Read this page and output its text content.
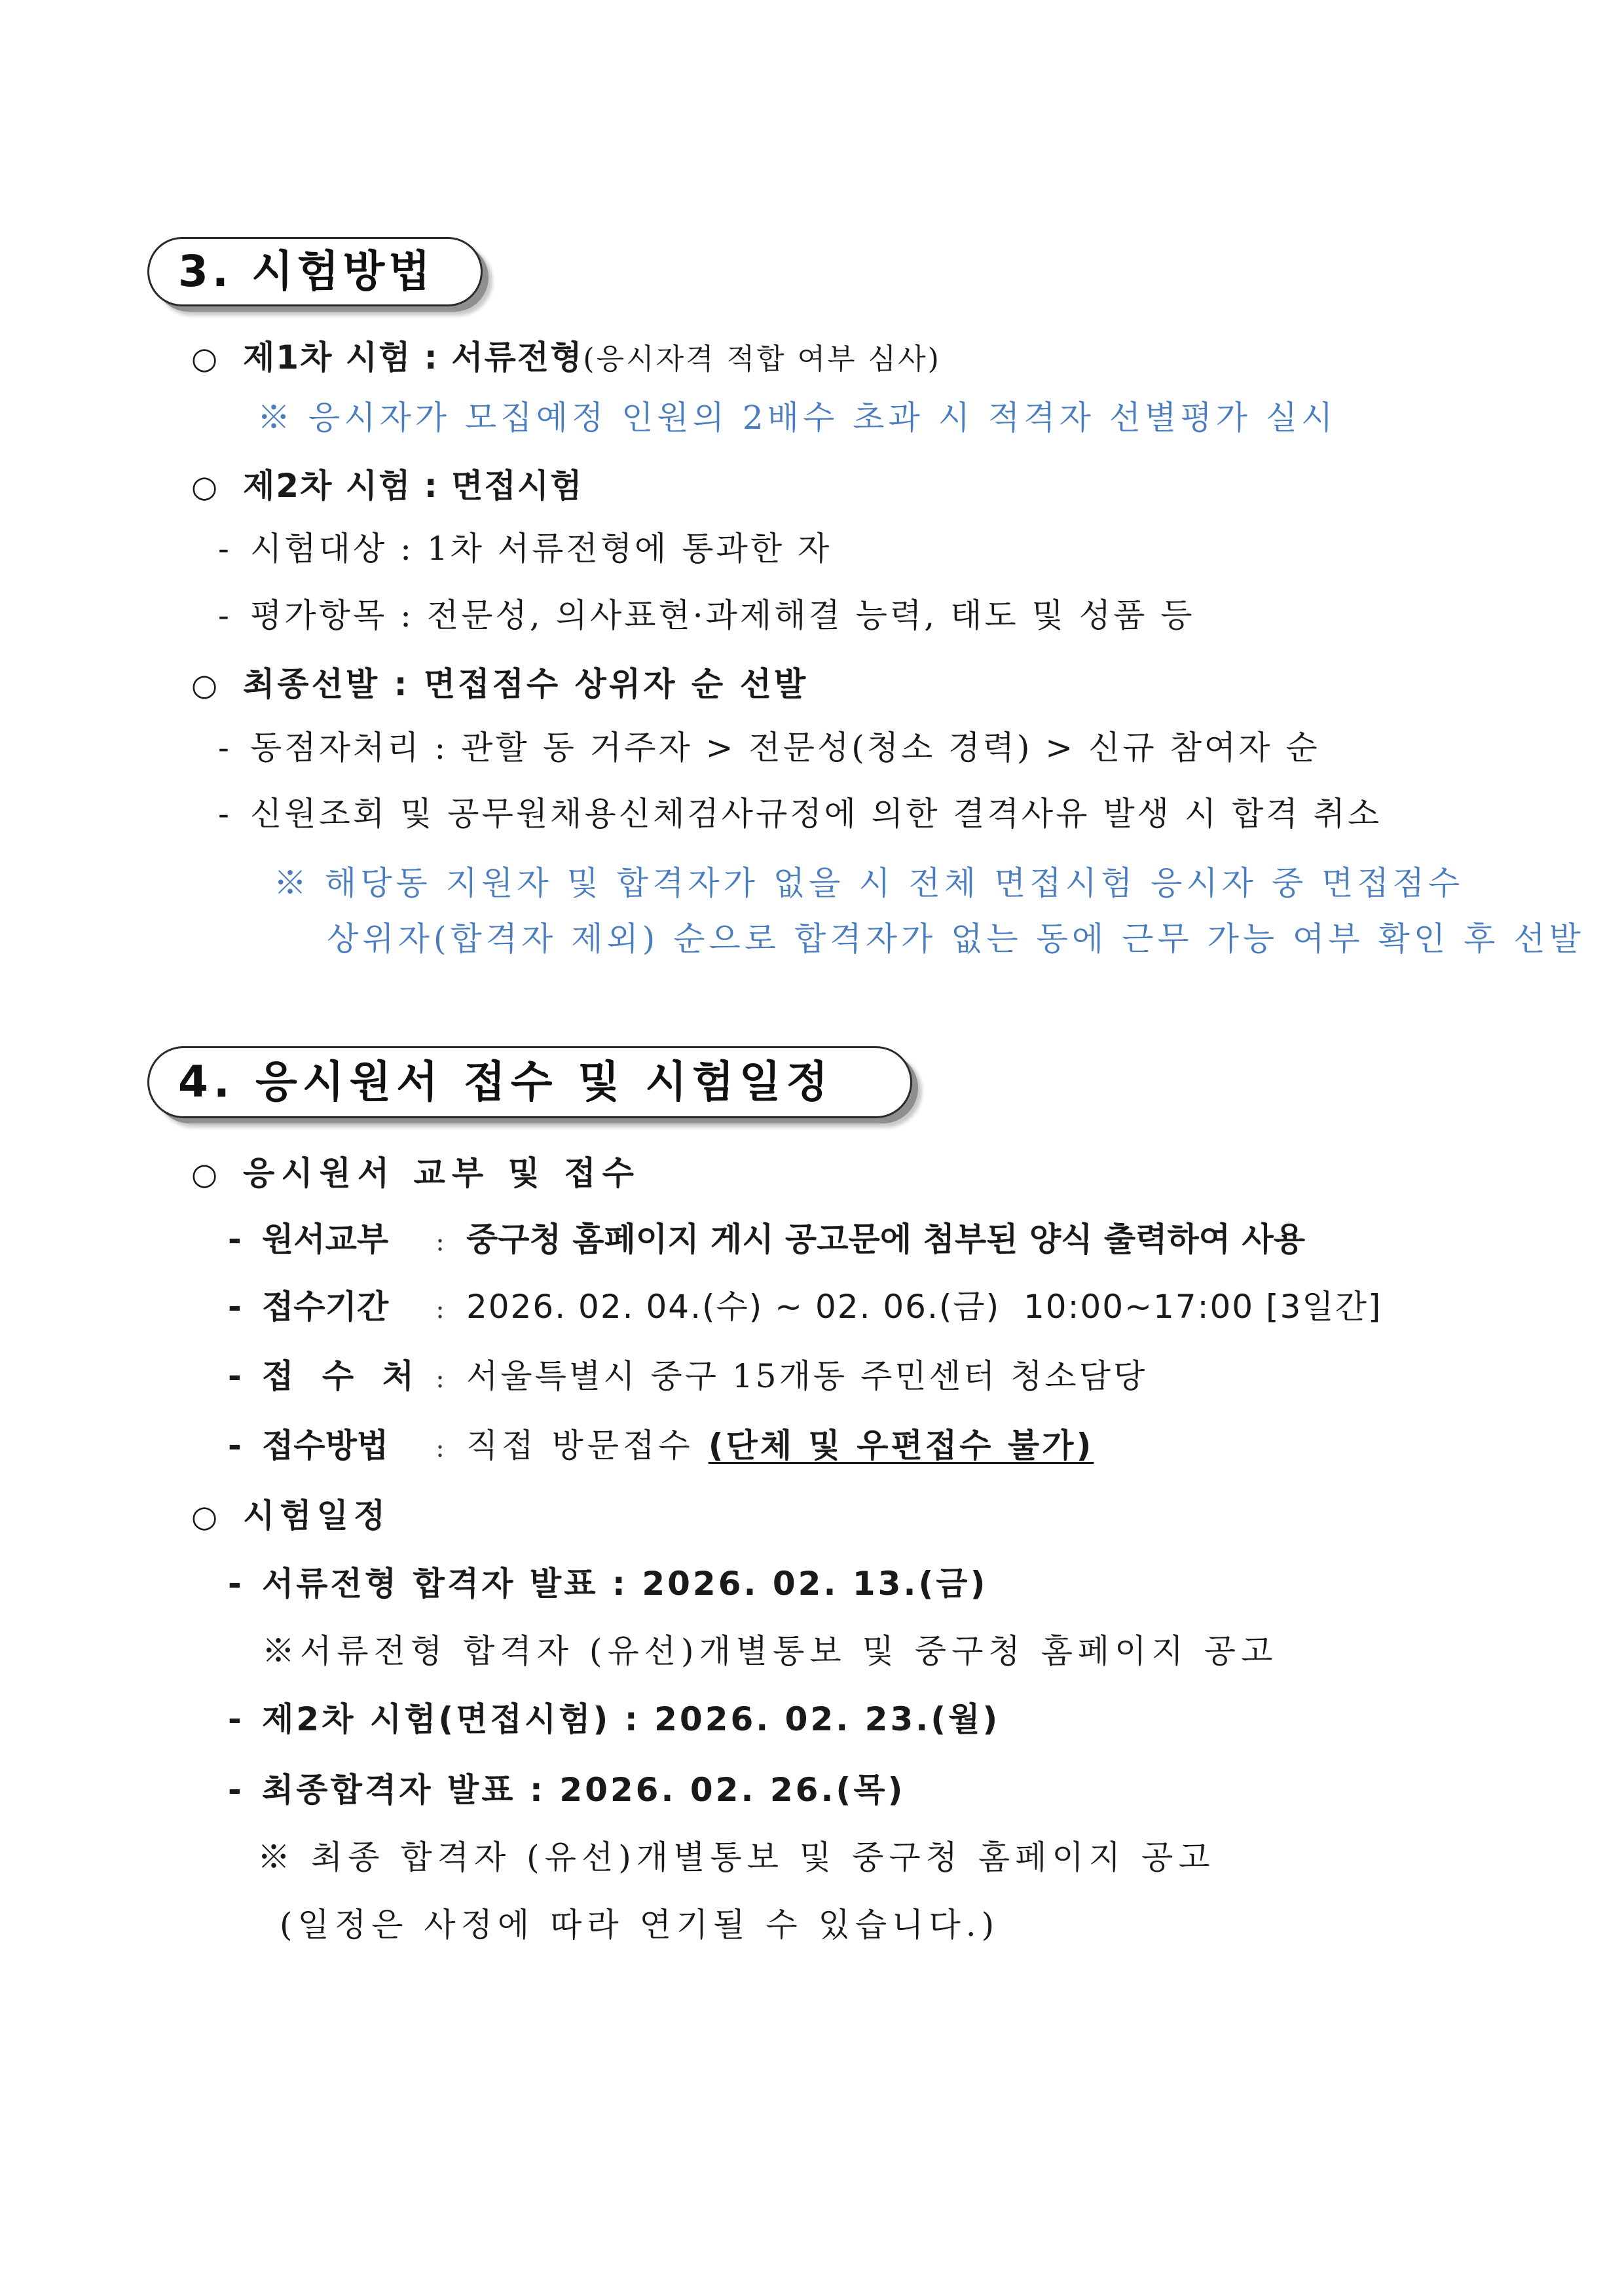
3. 시험방법
○ 제1차 시험 : 서류전형 (응시자격 적합 여부 심사)
※ 응시자가 모집예정 인원의 2배수 초과 시 적격자 선별평가 실시
○ 제2차 시험 : 면접시험
- 시험대상 : 1차 서류전형에 통과한 자
- 평가항목 : 전문성, 의사표현·과제해결 능력, 태도 및 성품 등
○ 최종선발 : 면접점수 상위자 순 선발
- 동점자처리 : 관할 동 거주자 > 전문성(청소 경력) > 신규 참여자 순
- 신원조회 및 공무원채용신체검사규정에 의한 결격사유 발생 시 합격 취소
※ 해당동 지원자 및 합격자가 없을 시 전체 면접시험 응시자 중 면접점수
상위자(합격자 제외) 순으로 합격자가 없는 동에 근무 가능 여부 확인 후 선발
4. 응시원서 접수 및 시험일정
○ 응시원서 교부 및 접수
- 원서교부	: 중구청 홈페이지 게시 공고문에 첨부된 양식 출력하여 사용
- 접수기간	: 2026. 02. 04.(수) ~ 02. 06.(금)  10:00~17:00 [3일간]
- 접 수 처 : 서울특별시 중구 15개동 주민센터 청소담당
- 접수방법	: 직접 방문접수 (단체 및 우편접수 불가)
○ 시험일정
- 서류전형 합격자 발표 : 2026. 02. 13.(금)
※서류전형 합격자 (유선)개별통보 및 중구청 홈페이지 공고
- 제2차 시험(면접시험) : 2026. 02. 23.(월)
- 최종합격자 발표 : 2026. 02. 26.(목)
※ 최종 합격자 (유선)개별통보 및 중구청 홈페이지 공고
(일정은 사정에 따라 연기될 수 있습니다.)
